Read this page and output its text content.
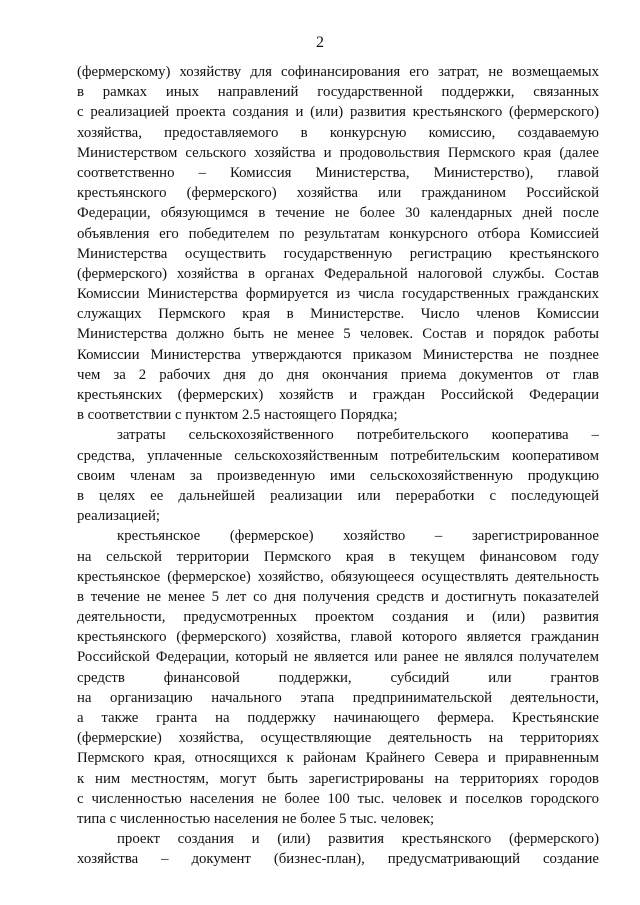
2
(фермерскому) хозяйству для софинансирования его затрат, не возмещаемых
в рамках иных направлений государственной поддержки, связанных
с реализацией проекта создания и (или) развития крестьянского (фермерского)
хозяйства, предоставляемого в конкурсную комиссию, создаваемую
Министерством сельского хозяйства и продовольствия Пермского края (далее
соответственно – Комиссия Министерства, Министерство), главой
крестьянского (фермерского) хозяйства или гражданином Российской
Федерации, обязующимся в течение не более 30 календарных дней после
объявления его победителем по результатам конкурсного отбора Комиссией
Министерства осуществить государственную регистрацию крестьянского
(фермерского) хозяйства в органах Федеральной налоговой службы. Состав
Комиссии Министерства формируется из числа государственных гражданских
служащих Пермского края в Министерстве. Число членов Комиссии
Министерства должно быть не менее 5 человек. Состав и порядок работы
Комиссии Министерства утверждаются приказом Министерства не позднее
чем за 2 рабочих дня до дня окончания приема документов от глав
крестьянских (фермерских) хозяйств и граждан Российской Федерации
в соответствии с пунктом 2.5 настоящего Порядка;
затраты сельскохозяйственного потребительского кооператива –
средства, уплаченные сельскохозяйственным потребительским кооперативом
своим членам за произведенную ими сельскохозяйственную продукцию
в целях ее дальнейшей реализации или переработки с последующей
реализацией;
крестьянское (фермерское) хозяйство – зарегистрированное
на сельской территории Пермского края в текущем финансовом году
крестьянское (фермерское) хозяйство, обязующееся осуществлять деятельность
в течение не менее 5 лет со дня получения средств и достигнуть показателей
деятельности, предусмотренных проектом создания и (или) развития
крестьянского (фермерского) хозяйства, главой которого является гражданин
Российской Федерации, который не является или ранее не являлся получателем
средств финансовой поддержки, субсидий или грантов
на организацию начального этапа предпринимательской деятельности,
а также гранта на поддержку начинающего фермера. Крестьянские
(фермерские) хозяйства, осуществляющие деятельность на территориях
Пермского края, относящихся к районам Крайнего Севера и приравненным
к ним местностям, могут быть зарегистрированы на территориях городов
с численностью населения не более 100 тыс. человек и поселков городского
типа с численностью населения не более 5 тыс. человек;
проект создания и (или) развития крестьянского (фермерского)
хозяйства – документ (бизнес-план), предусматривающий создание
